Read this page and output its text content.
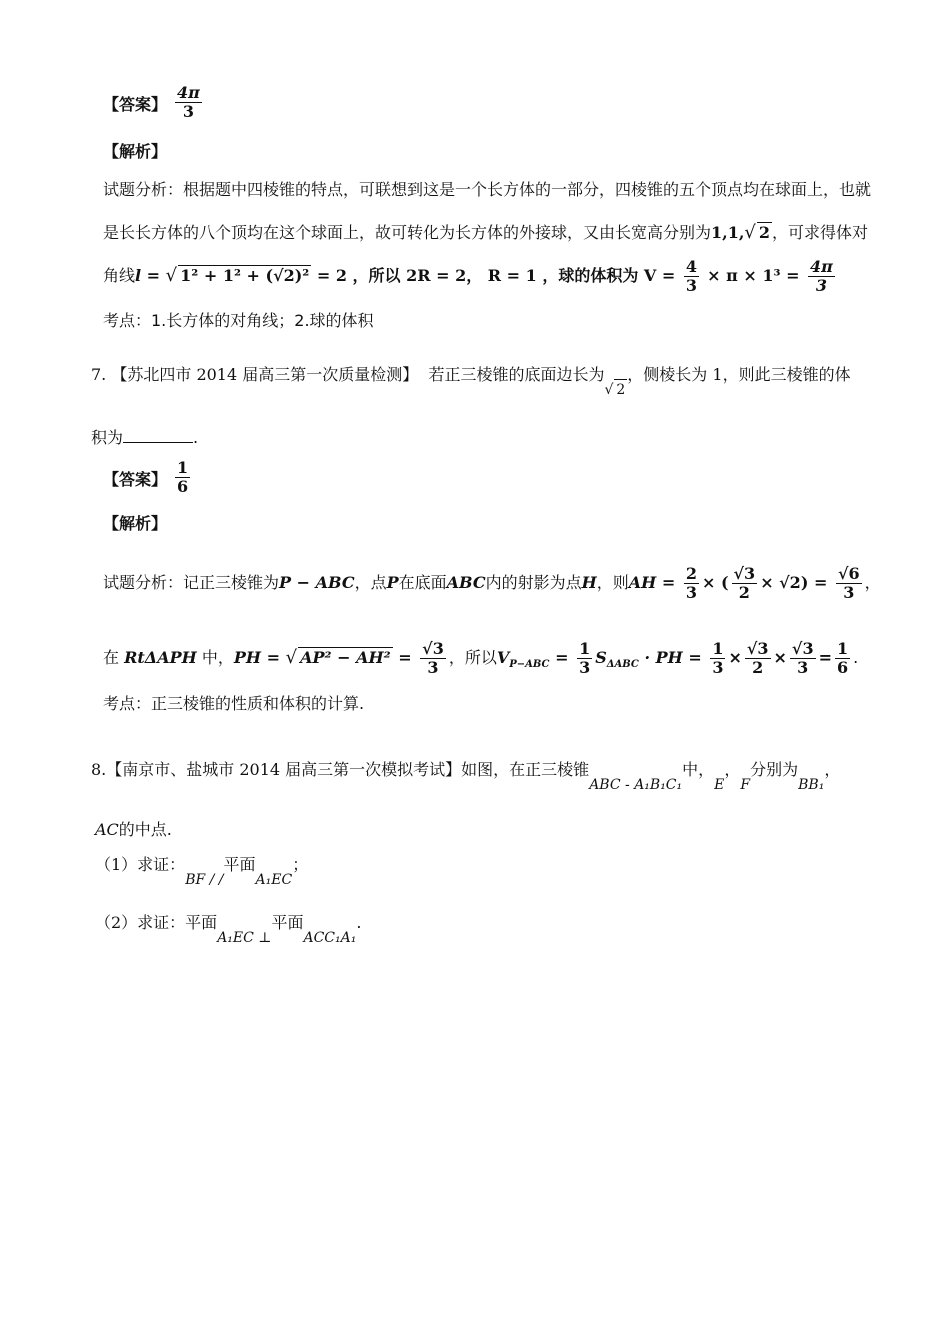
【答案】 $\frac{4\pi}{3}$
【解析】
试题分析：根据题中四棱锥的特点，可联想到这是一个长方体的一部分，四棱锥的五个顶点均在球面上，也就
是长长方体的八个顶均在这个球面上，故可转化为长方体的外接球，又由长宽高分别为1,1,√ 2 ，可求得体对
角线l = √ 1² + 1² + (√2)² = 2 ，所以 2R = 2， R = 1 ，球的体积为 $V = \frac{4}{3} \times \pi \times 1^3 = \frac{4\pi}{3}$
考点：1.长方体的对角线；2.球的体积
7. 【苏北四市 2014 届高三第一次质量检测】 若正三棱锥的底面边长为√ 2，侧棱长为 1，则此三棱锥的体
积为	.
【答案】 $\frac{1}{6}$
【解析】
试题分析：记正三棱锥为P − ABC，点P在底面ABC内的射影为点H，则AH = $\frac{2}{3}$ × ( $\frac{√3}{2} \times √2) = \frac{√6}{3}$ ，
在 RtΔAPH 中，PH = √ $AP^2 - AH^2 = \frac{√3}{3}$ ，所以$V_{P-ABC} = \frac{1}{3} S_{\Delta ABC}$ · PH = $\frac{1}{3} \times \frac{√3}{2} \times \frac{√3}{3} = \frac{1}{6}$ .
考点：正三棱锥的性质和体积的计算.
8.【南京市、盐城市 2014 届高三第一次模拟考试】如图，在正三棱锥ABC - A₁B₁C₁中，E，F分别为BB₁，
AC的中点.
（1）求证：BF / /平面A₁EC；
（2）求证：平面A₁EC ⊥平面ACC₁A₁.
